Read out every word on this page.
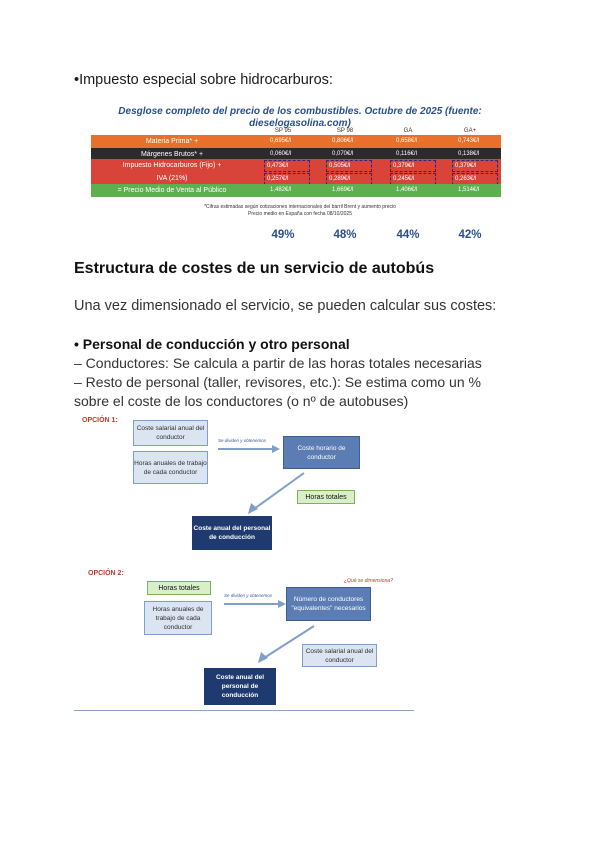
•Impuesto especial sobre hidrocarburos:
Desglose completo del precio de los combustibles. Octubre de 2025 (fuente:
dieselogasolina.com)
SP 95	SP 98	GA	GA+
Materia Prima* +	0,695€/l	0,806€/l	0,658€/l	0,743€/l
Márgenes Brutos* +	0,060€/l	0,070€/l	0,116€/l	0,138€/l
Impuesto Hidrocarburos (Fijo) +	0,473€/l	0,505€/l	0,379€/l	0,379€/l
IVA (21%)	0,257€/l	0,289€/l	0,245€/l	0,263€/l
= Precio Medio de Venta al Público	1,482€/l	1,669€/l	1,406€/l	1,514€/l
*Cifras estimadas según cotizaciones internacionales del barril Brent y aumento precio
Precio medio en España con fecha 08/10/2025
49%	48%	44%	42%
Estructura de costes de un servicio de autobús
Una vez dimensionado el servicio, se pueden calcular sus costes:
• Personal de conducción y otro personal
– Conductores: Se calcula a partir de las horas totales necesarias
– Resto de personal (taller, revisores, etc.): Se estima como un %
sobre el coste de los conductores (o nº de autobuses)
OPCIÓN 1:
Coste salarial anual del conductor
Horas anuales de trabajo de cada conductor
Se dividen y obtenemos
Coste horario de conductor
Horas totales
Coste anual del personal de conducción
OPCIÓN 2:
¿Qué se dimensiona?
Horas totales
Horas anuales de trabajo de cada conductor
Se dividen y obtenemos
Número de conductores "equivalentes" necesarios
Coste salarial anual del conductor
Coste anual del personal de conducción
